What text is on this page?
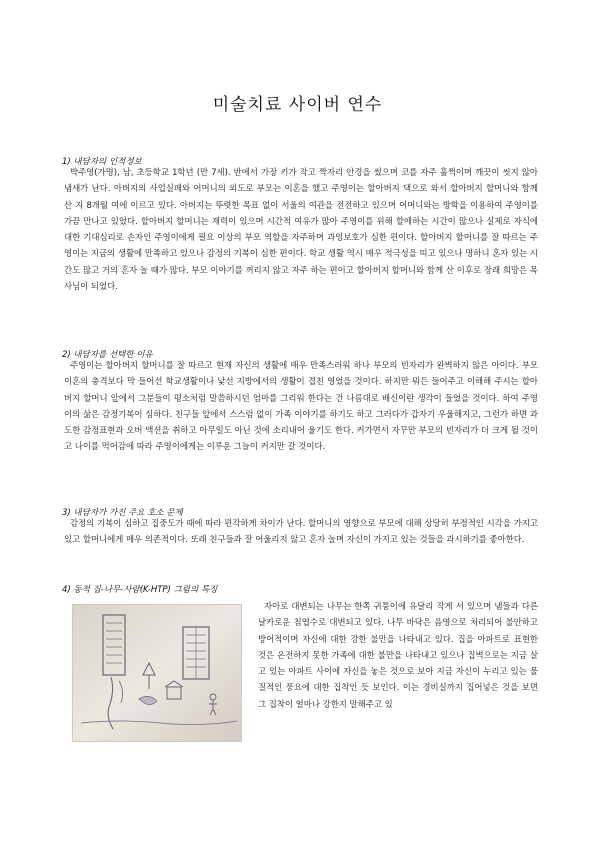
미술치료 사이버 연수
1) 내담자의 인적정보

박주영(가명), 남, 초등학교 1학년 (만 7세). 반에서 가장 키가 작고 짝자리 안경을 썼으며 코를 자주 훌쩍이며 깨끗이 씻지 않아 냄새가 난다. 아버지의 사업실패와 어머니의 외도로 부모는 이혼을 했고 주영이는 할아버지 댁으로 와서 할아버지 할머니와 함께 산 지 8개월 여에 이르고 있다. 아버지는 뚜렷한 목표 없이 서울의 여관을 전전하고 있으며 어머니와는 방학을 이용하여 주영이를 가끔 만나고 있었다. 할아버지 할머니는 재력이 있으며 시간적 여유가 많아 주영이를 위해 할애하는 시간이 많으나 실제로 자식에 대한 기대심리로 손자인 주영이에게 필요 이상의 부모 역할을 자주하며 과잉보호가 심한 편이다. 할아버지 할머니를 잘 따르는 주영이는 지금의 생활에 만족하고 있으나 감정의 기복이 심한 편이다. 학교 생활 역시 매우 적극성을 띠고 있으나 명하니 혼자 있는 시간도 많고 거의 혼자 놀 때가 많다. 부모 이야기를 꺼리지 않고 자주 하는 편이고 할아버지 할머니와 함께 산 이후로 장래 희망은 목사님이 되었다.

2) 내담자를 선택한 이유

주영이는 할아버지 할머니를 잘 따르고 현재 자신의 생활에 매우 만족스러워 하나 부모의 빈자리가 완벽하지 않은 아이다. 부모 이혼의 충격보다 막 들어선 학교생활이나 낯선 지방에서의 생활이 겹친 영었을 것이다. 하지만 뭐든 들어주고 이해해 주시는 할아버지 할머니 앞에서 그분들이 평소처럼 말씀하시던 엄마를 그리워 한다는 건 나름대로 배신이란 생각이 들었을 것이다. 하여 주영이의 삶은 감정기복이 심하다. 친구들 앞에서 스스럼 없이 가족 이야기를 하기도 하고 그러다가 갑자기 우울해지고, 그런가 하면 과도한 감정표현과 오버 액션을 취하고 아무일도 아닌 것에 소리내어 울기도 한다. 커가면서 자꾸만 부모의 빈자리가 더 크게 될 것이고 나이를 먹어감에 따라 주영이에게는 이루운 그늘이 커지만 갈 것이다.

3) 내담자가 가진 주요 호소 문제

감정의 기복이 심하고 집중도가 때에 따라 편각하게 차이가 난다. 할머니의 영향으로 부모에 대해 상당히 부정적인 시각을 가지고 있고 할머니에게 매우 의존적이다. 또래 친구들과 잘 어울리지 않고 혼자 놀며 자신이 가지고 있는 것들을 과시하기를 좋아한다.

4) 동적 집-나무-사람(K-HTP) 그림의 특징

자아로 대변되는 나무는 한쪽 귀퉁이에 유달리 작게 서 있으며 냄들과 다른 날카로운 침엽수로 대변되고 있다. 나무 바닥은 음영으로 처리되어 불안하고 방어적이며 자신에 대한 강한 불만을 나타내고 있다. 집을 아파트로 표현한 것은 온전하지 못한 가족에 대한 불만을 나타내고 있으나 집벽으로는 지금 살고 있는 아파트 사이에 자신을 놓은 것으로 보아 지금 자신이 누리고 있는 물질적인 풍요에 대한 집착인 듯 보인다. 이는 경비실까지 집어넣은 것을 보면 그 집착이 얼마나 강한지 말해주고 있
